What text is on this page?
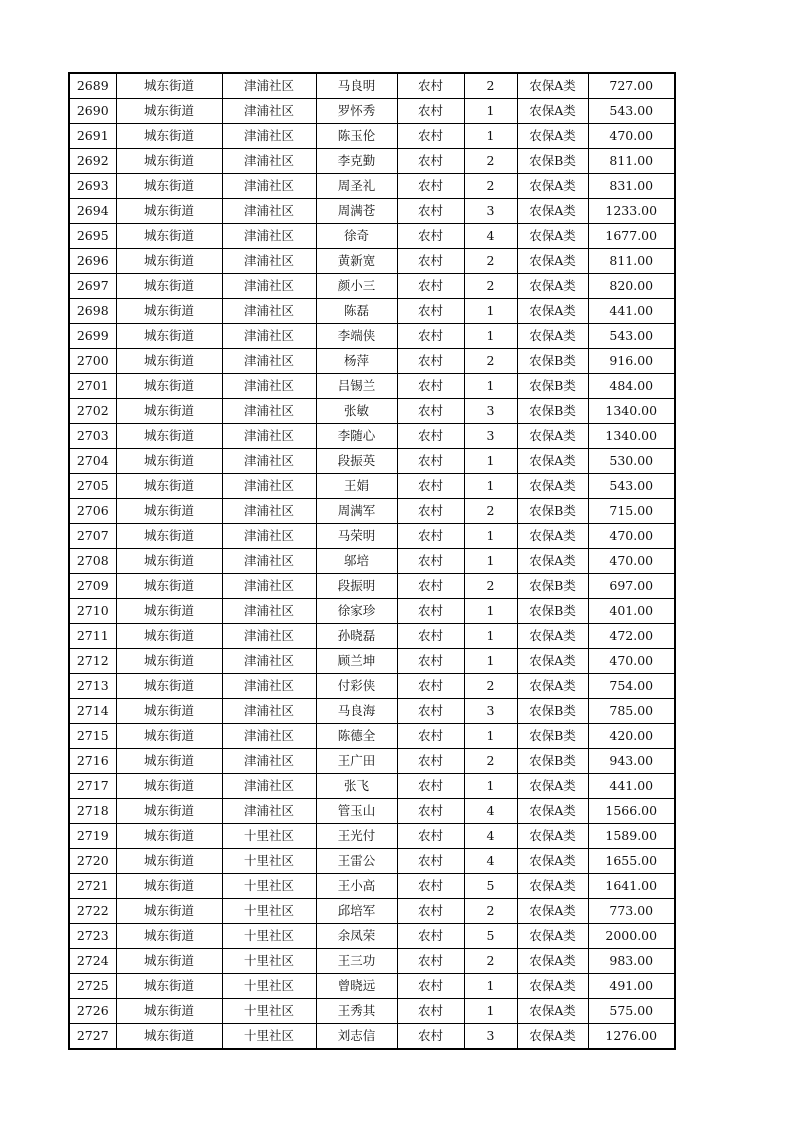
2689	城东街道	津浦社区	马良明	农村	2	农保A类	727.00
2690	城东街道	津浦社区	罗怀秀	农村	1	农保A类	543.00
2691	城东街道	津浦社区	陈玉伦	农村	1	农保A类	470.00
2692	城东街道	津浦社区	李克勤	农村	2	农保B类	811.00
2693	城东街道	津浦社区	周圣礼	农村	2	农保A类	831.00
2694	城东街道	津浦社区	周满苍	农村	3	农保A类	1233.00
2695	城东街道	津浦社区	徐奇	农村	4	农保A类	1677.00
2696	城东街道	津浦社区	黄新宽	农村	2	农保A类	811.00
2697	城东街道	津浦社区	颜小三	农村	2	农保A类	820.00
2698	城东街道	津浦社区	陈磊	农村	1	农保A类	441.00
2699	城东街道	津浦社区	李端侠	农村	1	农保A类	543.00
2700	城东街道	津浦社区	杨萍	农村	2	农保B类	916.00
2701	城东街道	津浦社区	吕锡兰	农村	1	农保B类	484.00
2702	城东街道	津浦社区	张敏	农村	3	农保B类	1340.00
2703	城东街道	津浦社区	李随心	农村	3	农保A类	1340.00
2704	城东街道	津浦社区	段振英	农村	1	农保A类	530.00
2705	城东街道	津浦社区	王娟	农村	1	农保A类	543.00
2706	城东街道	津浦社区	周满军	农村	2	农保B类	715.00
2707	城东街道	津浦社区	马荣明	农村	1	农保A类	470.00
2708	城东街道	津浦社区	邬培	农村	1	农保A类	470.00
2709	城东街道	津浦社区	段振明	农村	2	农保B类	697.00
2710	城东街道	津浦社区	徐家珍	农村	1	农保B类	401.00
2711	城东街道	津浦社区	孙晓磊	农村	1	农保A类	472.00
2712	城东街道	津浦社区	顾兰坤	农村	1	农保A类	470.00
2713	城东街道	津浦社区	付彩侠	农村	2	农保A类	754.00
2714	城东街道	津浦社区	马良海	农村	3	农保B类	785.00
2715	城东街道	津浦社区	陈德全	农村	1	农保B类	420.00
2716	城东街道	津浦社区	王广田	农村	2	农保B类	943.00
2717	城东街道	津浦社区	张飞	农村	1	农保A类	441.00
2718	城东街道	津浦社区	管玉山	农村	4	农保A类	1566.00
2719	城东街道	十里社区	王光付	农村	4	农保A类	1589.00
2720	城东街道	十里社区	王雷公	农村	4	农保A类	1655.00
2721	城东街道	十里社区	王小高	农村	5	农保A类	1641.00
2722	城东街道	十里社区	邱培军	农村	2	农保A类	773.00
2723	城东街道	十里社区	余凤荣	农村	5	农保A类	2000.00
2724	城东街道	十里社区	王三功	农村	2	农保A类	983.00
2725	城东街道	十里社区	曾晓远	农村	1	农保A类	491.00
2726	城东街道	十里社区	王秀其	农村	1	农保A类	575.00
2727	城东街道	十里社区	刘志信	农村	3	农保A类	1276.00
